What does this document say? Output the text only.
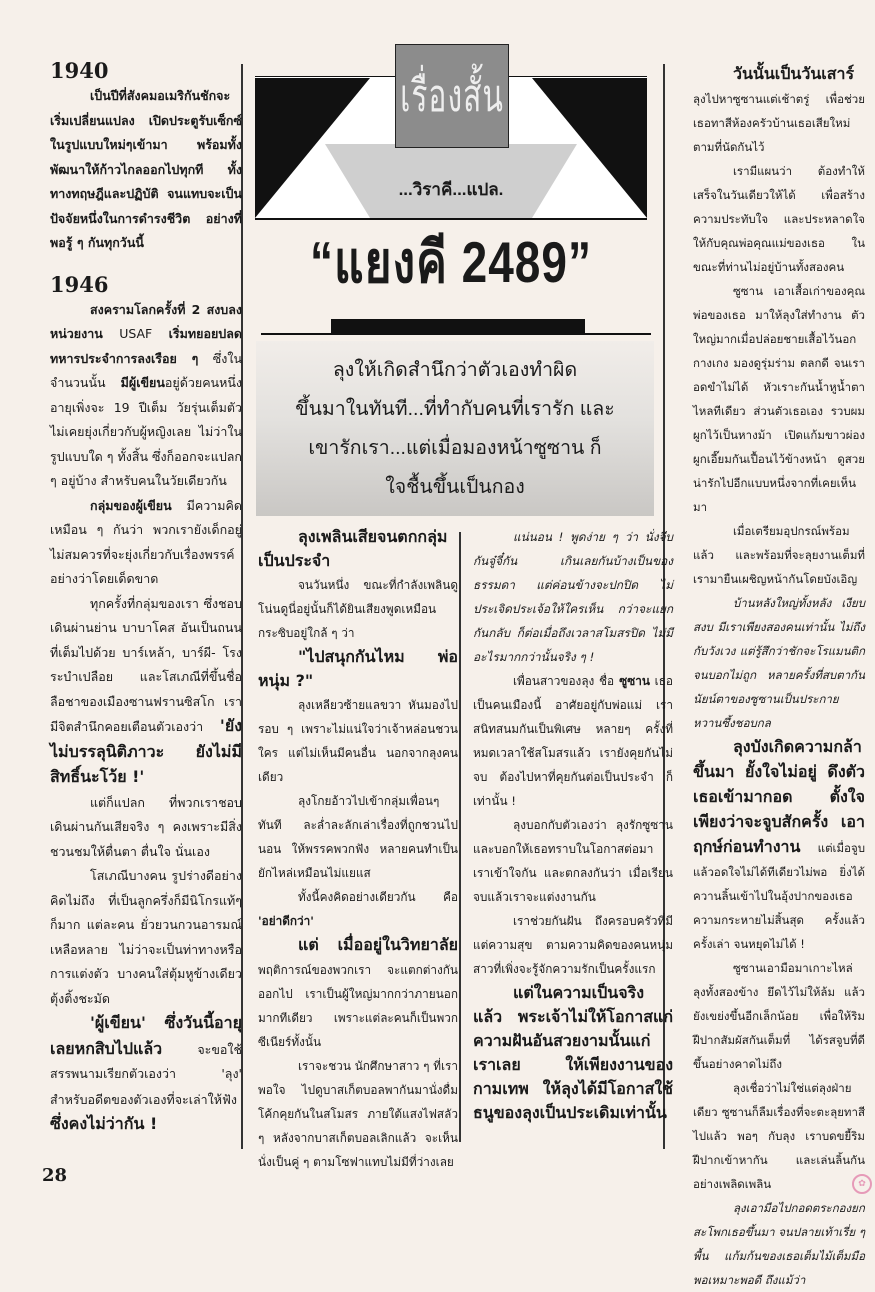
เรื่องสั้น
...วิราคี...แปล.
“แยงคี 2489”

ลุงให้เกิดสำนึกว่าตัวเองทำผิด
ขึ้นมาในทันที...ที่ทำกับคนที่เรารัก และ
เขารักเรา...แต่เมื่อมองหน้าซูซาน ก็
ใจชื้นขึ้นเป็นกอง

1940

เป็นปีที่สังคมอเมริกันชักจะเริ่มเปลี่ยนแปลง เปิดประตูรับเซ็กซ์ ในรูปแบบใหม่ๆเข้ามา พร้อมทั้งพัฒนาให้ก้าวไกลออกไปทุกที ทั้งทางทฤษฎีและปฏิบัติ จนแทบจะเป็นปัจจัยหนึ่งในการดำรงชีวิต อย่างที่พอรู้ ๆ กันทุกวันนี้

1946

สงครามโลกครั้งที่ 2 สงบลง หน่วยงาน USAF เริ่มทยอยปลดทหารประจำการลงเรือย ๆ ซึ่งในจำนวนนั้น มีผู้เขียนอยู่ด้วยคนหนึ่ง อายุเพิ่งจะ 19 ปีเต็ม วัยรุ่นเต็มตัว ไม่เคยยุ่งเกี่ยวกับผู้หญิงเลย ไม่ว่าในรูปแบบใด ๆ ทั้งสิ้น ซึ่งก็ออกจะแปลก ๆ อยู่บ้าง สำหรับคนในวัยเดียวกัน

กลุ่มของผู้เขียน มีความคิดเหมือน ๆ กันว่า พวกเรายังเด็กอยู่ ไม่สมควรที่จะยุ่งเกี่ยวกับเรื่องพรรค์อย่างว่าโดยเด็ดขาด

ทุกครั้งที่กลุ่มของเรา ซึ่งชอบเดินผ่านย่าน บาบาโคส อันเป็นถนนที่เต็มไปด้วย บาร์เหล้า, บาร์ผี- โรงระบำเปลือย และโสเภณีที่ขึ้นชื่อลือชาของเมืองซานฟรานซิสโก เรามีจิตสำนึกคอยเตือนตัวเองว่า 'ยังไม่บรรลุนิติภาวะ ยังไม่มีสิทธิ์นะโว้ย !'

แต่ก็แปลก ที่พวกเราชอบเดินผ่านกันเสียจริง ๆ คงเพราะมีสิ่งชวนชมให้ตื่นตา ตื่นใจ นั่นเอง

โสเภณีบางคน รูปร่างดีอย่างคิดไม่ถึง ที่เป็นลูกครึ่งก็มีนิโกรแท้ๆ ก็มาก แต่ละคน ยั่วยวนกวนอารมณ์เหลือหลาย ไม่ว่าจะเป็นท่าทางหรือการแต่งตัว บางคนใส่ตุ้มหูข้างเดียวตุ้งติ้งชะมัด

'ผู้เขียน' ซึ่งวันนี้อายุเลยหกสิบไปแล้ว จะขอใช้สรรพนามเรียกตัวเองว่า 'ลุง' สำหรับอดีตของตัวเองที่จะเล่าให้ฟัง ซึ่งคงไม่ว่ากัน !

ลุงเพลินเสียจนตกกลุ่มเป็นประจำ

จนวันหนึ่ง ขณะที่กำลังเพลินดูโน่นดูนี่อยู่นั้นก็ได้ยินเสียงพูดเหมือนกระซิบอยู่ใกล้ ๆ ว่า

"ไปสนุกกันไหม พ่อหนุ่ม ?"

ลุงเหลียวซ้ายแลขวา หันมองไปรอบ ๆ เพราะไม่แน่ใจว่าเจ้าหล่อนชวนใคร แต่ไม่เห็นมีคนอื่น นอกจากลุงคนเดียว

ลุงโกยอ้าวไปเข้ากลุ่มเพื่อนๆ ทันที ละล่ำละลักเล่าเรื่องที่ถูกชวนไปนอน ให้พรรคพวกฟัง หลายคนทำเป็นยักไหล่เหมือนไม่แยแส

ทั้งนี้คงคิดอย่างเดียวกัน คือ 'อย่าดีกว่า'

แต่ เมื่ออยู่ในวิทยาลัย พฤติการณ์ของพวกเรา จะแตกต่างกันออกไป เราเป็นผู้ใหญ่มากกว่าภายนอกมากทีเดียว เพราะแต่ละคนก็เป็นพวกซีเนียร์ทั้งนั้น

เราจะชวน นักศึกษาสาว ๆ ที่เราพอใจ ไปดูบาสเก็ตบอลพากันมานั่งดื่มโค้กคุยกันในสโมสร ภายใต้แสงไฟสลัว ๆ หลังจากบาสเก็ตบอลเลิกแล้ว จะเห็นนั่งเป็นคู่ ๆ ตามโซฟาแทบไม่มีที่ว่างเลย

แน่นอน ! พูดง่าย ๆ ว่า นั่งจีบกันจู๋จี๋กัน เกินเลยกันบ้างเป็นของธรรมดา แต่ค่อนข้างจะปกปิด ไม่ประเจิดประเจ้อให้ใครเห็น กว่าจะแยกกันกลับ ก็ต่อเมื่อถึงเวลาสโมสรปิด ไม่มีอะไรมากกว่านั้นจริง ๆ !

เพื่อนสาวของลุง ชื่อ ซูซาน เธอเป็นคนเมืองนี้ อาศัยอยู่กับพ่อแม่ เราสนิทสนมกันเป็นพิเศษ หลายๆ ครั้งที่หมดเวลาใช้สโมสรแล้ว เรายังคุยกันไม่จบ ต้องไปหาที่คุยกันต่อเป็นประจำ ก็เท่านั้น !

ลุงบอกกับตัวเองว่า ลุงรักซูซาน และบอกให้เธอทราบในโอกาสต่อมา เราเข้าใจกัน และตกลงกันว่า เมื่อเรียนจบแล้วเราจะแต่งงานกัน

เราช่วยกันฝัน ถึงครอบครัวที่มีแต่ความสุข ตามความคิดของคนหนุ่มสาวที่เพิ่งจะรู้จักความรักเป็นครั้งแรก

แต่ในความเป็นจริงแล้ว พระเจ้าไม่ให้โอกาสแก่ความฝันอันสวยงามนั้นแก่เราเลย ให้เพียงงานของกามเทพ ให้ลุงได้มีโอกาสใช้ธนูของลุงเป็นประเดิมเท่านั้น

วันนั้นเป็นวันเสาร์ ลุงไปหาซูซานแต่เช้าตรู่ เพื่อช่วยเธอทาสีห้องครัวบ้านเธอเสียใหม่ ตามที่นัดกันไว้

เรามีแผนว่า ต้องทำให้เสร็จในวันเดียวให้ได้ เพื่อสร้างความประทับใจ และประหลาดใจให้กับคุณพ่อคุณแม่ของเธอ ในขณะที่ท่านไม่อยู่บ้านทั้งสองคน

ซูซาน เอาเสื้อเก่าของคุณพ่อของเธอ มาให้ลุงใส่ทำงาน ตัวใหญ่มากเมื่อปล่อยชายเสื้อไว้นอกกางเกง มองดูรุ่มร่าม ตลกดี จนเราอดขำไม่ได้ หัวเราะกันน้ำหูน้ำตาไหลทีเดียว ส่วนตัวเธอเอง รวบผมผูกไว้เป็นหางม้า เปิดแก้มขาวผ่อง ผูกเอี๊ยมกันเปื้อนไว้ข้างหน้า ดูสวยน่ารักไปอีกแบบหนึ่งจากที่เคยเห็นมา

เมื่อเตรียมอุปกรณ์พร้อมแล้ว และพร้อมที่จะลุยงานเต็มที่ เรามายืนเผชิญหน้ากันโดยบังเอิญ

บ้านหลังใหญ่ทั้งหลัง เงียบสงบ มีเราเพียงสองคนเท่านั้น ไม่ถึงกับวังเวง แต่รู้สึกว่าชักจะโรแมนติกจนบอกไม่ถูก หลายครั้งที่สบตากัน นัยน์ตาของซูซานเป็นประกายหวานซึ้งชอบกล

ลุงบังเกิดความกล้าขึ้นมา ยั้งใจไม่อยู่ ดึงตัวเธอเข้ามากอด ตั้งใจเพียงว่าจะจูบสักครั้ง เอาฤกษ์ก่อนทำงาน แต่เมื่อจูบแล้วอดใจไม่ได้ทีเดียวไม่พอ ยิ่งได้ควานลิ้นเข้าไปในอุ้งปากของเธอ ความกระหายไม่สิ้นสุด ครั้งแล้วครั้งเล่า จนหยุดไม่ได้ !

ซูซานเอามือมาเกาะไหล่ลุงทั้งสองข้าง ยึดไว้ไม่ให้ล้ม แล้วยังเขย่งขึ้นอีกเล็กน้อย เพื่อให้ริมฝีปากสัมผัสกันเต็มที่ ได้รสจูบที่ดีขึ้นอย่างคาดไม่ถึง

ลุงเชื่อว่าไม่ใช่แต่ลุงฝ่ายเดียว ซูซานก็ลืมเรื่องที่จะตะลุยทาสีไปแล้ว พอๆ กับลุง เราบดขยี้ริมฝีปากเข้าหากัน และเล่นลิ้นกันอย่างเพลิดเพลิน

ลุงเอามือไปกอดตระกองยกสะโพกเธอขึ้นมา จนปลายเท้าเรี่ย ๆ พื้น แก้มก้นของเธอเต็มไม้เต็มมือ พอเหมาะพอดี ถึงแม้ว่า

28	✿
